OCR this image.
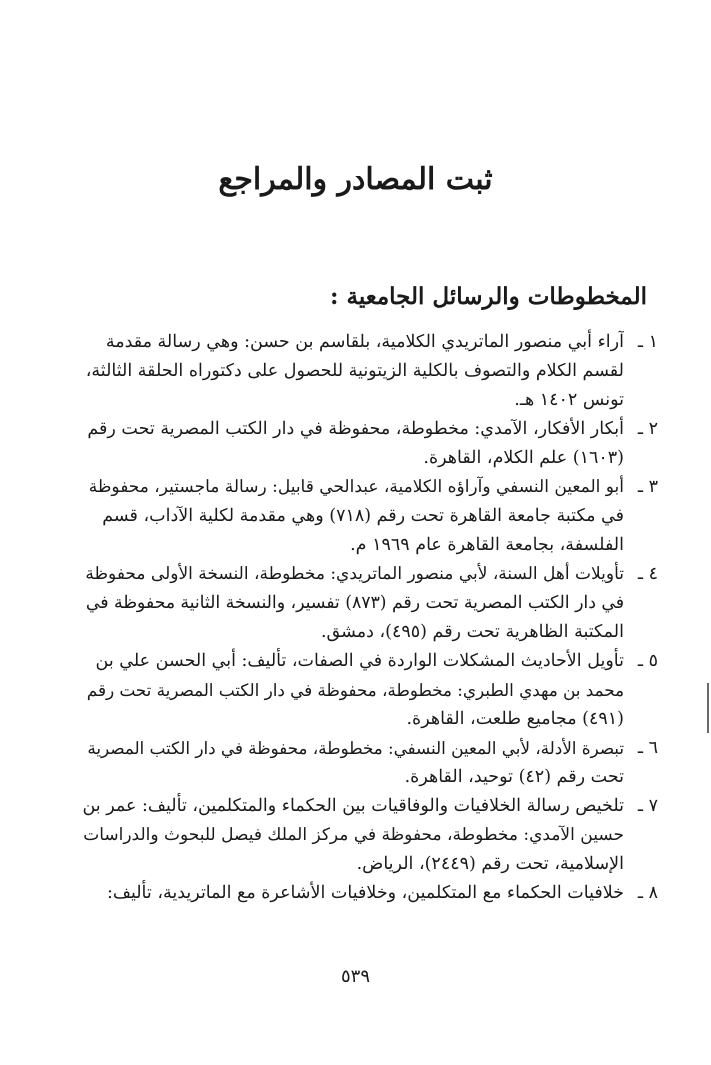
ثبت المصادر والمراجع
المخطوطات والرسائل الجامعية :
١ ـ
آراء أبي منصور الماتريدي الكلامية، بلقاسم بن حسن: وهي رسالة مقدمة
لقسم الكلام والتصوف بالكلية الزيتونية للحصول على دكتوراه الحلقة الثالثة،
تونس ١٤٠٢ هـ.
٢ ـ
أبكار الأفكار، الآمدي: مخطوطة، محفوظة في دار الكتب المصرية تحت رقم
(١٦٠٣) علم الكلام، القاهرة.
٣ ـ
أبو المعين النسفي وآراؤه الكلامية، عبدالحي قابيل: رسالة ماجستير، محفوظة
في مكتبة جامعة القاهرة تحت رقم (٧١٨) وهي مقدمة لكلية الآداب، قسم
الفلسفة، بجامعة القاهرة عام ١٩٦٩ م.
٤ ـ
تأويلات أهل السنة، لأبي منصور الماتريدي: مخطوطة، النسخة الأولى محفوظة
في دار الكتب المصرية تحت رقم (٨٧٣) تفسير، والنسخة الثانية محفوظة في
المكتبة الظاهرية تحت رقم (٤٩٥)، دمشق.
٥ ـ
تأويل الأحاديث المشكلات الواردة في الصفات، تأليف: أبي الحسن علي بن
محمد بن مهدي الطبري: مخطوطة، محفوظة في دار الكتب المصرية تحت رقم
(٤٩١) مجاميع طلعت، القاهرة.
٦ ـ
تبصرة الأدلة، لأبي المعين النسفي: مخطوطة، محفوظة في دار الكتب المصرية
تحت رقم (٤٢) توحيد، القاهرة.
٧ ـ
تلخيص رسالة الخلافيات والوفاقيات بين الحكماء والمتكلمين، تأليف: عمر بن
حسين الآمدي: مخطوطة، محفوظة في مركز الملك فيصل للبحوث والدراسات
الإسلامية، تحت رقم (٢٤٤٩)، الرياض.
٨ ـ
خلافيات الحكماء مع المتكلمين، وخلافيات الأشاعرة مع الماتريدية، تأليف:
٥٣٩
